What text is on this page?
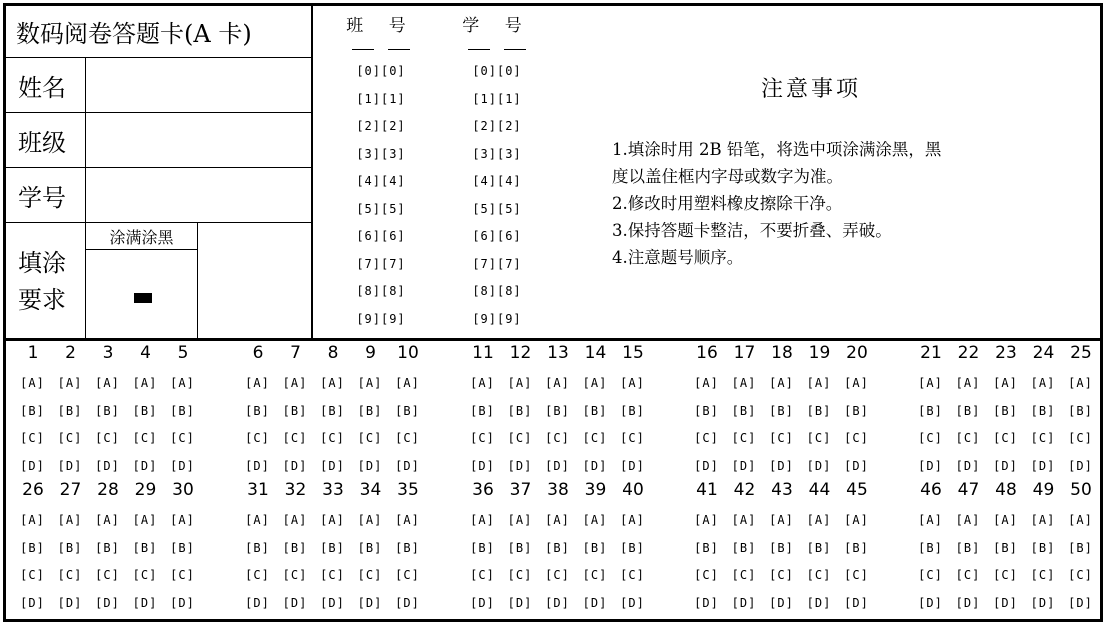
数码阅卷答题卡(A 卡)
姓名
班级
学号
填涂
要求
涂满涂黑
班 号
[0][0]
[1][1]
[2][2]
[3][3]
[4][4]
[5][5]
[6][6]
[7][7]
[8][8]
[9][9]
学 号
[0][0]
[1][1]
[2][2]
[3][3]
[4][4]
[5][5]
[6][6]
[7][7]
[8][8]
[9][9]
注意事项
1.填涂时用 2B 铅笔，将选中项涂满涂黑，黑
度以盖住框内字母或数字为准。
2.修改时用塑料橡皮擦除干净。
3.保持答题卡整洁，不要折叠、弄破。
4.注意题号顺序。
1	2	3	4	5	6	7	8	9	10	11 12 13 14 15	16 17 18 19 20	21 22 23 24 25
[A]	[A]	[A]	[A]	[A]	[A]	[A]	[A]	[A]	[A]	[A]	[A]	[A]	[A]	[A]	[A]	[A]	[A]	[A]	[A]	[A]	[A]	[A]	[A]	[A]
[B]	[B]	[B]	[B]	[B]	[B]	[B]	[B]	[B]	[B]	[B]	[B]	[B]	[B]	[B]	[B]	[B]	[B]	[B]	[B]	[B]	[B]	[B]	[B]	[B]
[C]	[C]	[C]	[C]	[C]	[C]	[C]	[C]	[C]	[C]	[C]	[C]	[C]	[C]	[C]	[C]	[C]	[C]	[C]	[C]	[C]	[C]	[C]	[C]	[C]
[D]	[D]	[D]	[D]	[D]	[D]	[D]	[D]	[D]	[D]	[D]	[D]	[D]	[D]	[D]	[D]	[D]	[D]	[D]	[D]	[D]	[D]	[D]	[D]	[D]
26 27 28 29 30	31 32 33 34 35	36 37 38 39 40	41 42 43 44 45	46 47 48 49 50
[A]	[A]	[A]	[A]	[A]	[A]	[A]	[A]	[A]	[A]	[A]	[A]	[A]	[A]	[A]	[A]	[A]	[A]	[A]	[A]	[A]	[A]	[A]	[A]	[A]
[B]	[B]	[B]	[B]	[B]	[B]	[B]	[B]	[B]	[B]	[B]	[B]	[B]	[B]	[B]	[B]	[B]	[B]	[B]	[B]	[B]	[B]	[B]	[B]	[B]
[C]	[C]	[C]	[C]	[C]	[C]	[C]	[C]	[C]	[C]	[C]	[C]	[C]	[C]	[C]	[C]	[C]	[C]	[C]	[C]	[C]	[C]	[C]	[C]	[C]
[D]	[D]	[D]	[D]	[D]	[D]	[D]	[D]	[D]	[D]	[D]	[D]	[D]	[D]	[D]	[D]	[D]	[D]	[D]	[D]	[D]	[D]	[D]	[D]	[D]
